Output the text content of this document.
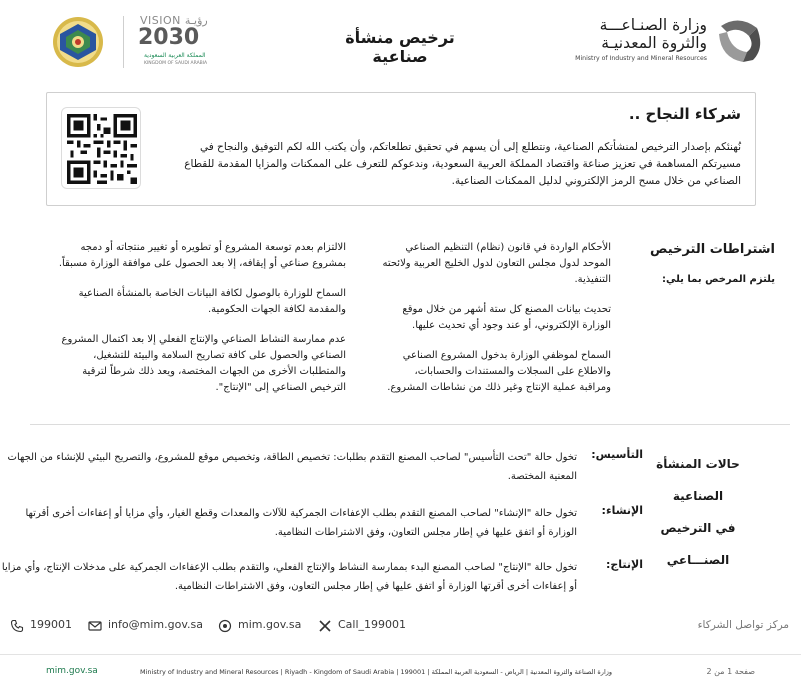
وزارة الصنـاعـــة
والثروة المعدنيـة
Ministry of Industry and Mineral Resources
ترخيص منشأة صناعية
VISION رؤيـة
2030
المملكة العربية السعودية
KINGDOM OF SAUDI ARABIA
شركاء النجاح ..
نُهنئكم بإصدار الترخيص لمنشأتكم الصناعية، ونتطلع إلى أن يسهم في تحقيق تطلعاتكم، وأن يكتب الله لكم التوفيق والنجاح في مسيرتكم المساهمة في تعزيز صناعة واقتصاد المملكة العربية السعودية، وندعوكم للتعرف على الممكنات والمزايا المقدمة للقطاع الصناعي من خلال مسح الرمز الإلكتروني لدليل الممكنات الصناعية.
اشتراطات الترخيص
يلتزم المرخص بما يلي:

الأحكام الواردة في قانون (نظام) التنظيم الصناعي الموحد لدول مجلس التعاون لدول الخليج العربية ولائحته التنفيذية.

تحديث بيانات المصنع كل ستة أشهر من خلال موقع الوزارة الإلكتروني، أو عند وجود أي تحديث عليها.

السماح لموظفي الوزارة بدخول المشروع الصناعي والاطلاع على السجلات والمستندات والحسابات، ومراقبة عملية الإنتاج وغير ذلك من نشاطات المشروع.

الالتزام بعدم توسعة المشروع أو تطويره أو تغيير منتجاته أو دمجه بمشروع صناعي أو إيقافه، إلا بعد الحصول على موافقة الوزارة مسبقاً.

السماح للوزارة بالوصول لكافة البيانات الخاصة بالمنشأة الصناعية والمقدمة لكافة الجهات الحكومية.

عدم ممارسة النشاط الصناعي والإنتاج الفعلي إلا بعد اكتمال المشروع الصناعي والحصول على كافة تصاريح السلامة والبيئة للتشغيل، والمتطلبات الأخرى من الجهات المختصة، ويعد ذلك شرطاً لترقية الترخيص الصناعي إلى "الإنتاج".

حالات المنشأة الصناعية
في الترخيص الصنـــاعي
التأسيس:
تخول حالة "تحت التأسيس" لصاحب المصنع التقدم بطلبات: تخصيص الطاقة، وتخصيص موقع للمشروع، والتصريح البيئي للإنشاء من الجهات المعنية المختصة.
الإنشاء:
تخول حالة "الإنشاء" لصاحب المصنع التقدم بطلب الإعفاءات الجمركية للآلات والمعدات وقطع الغيار، وأي مزايا أو إعفاءات أخرى أقرتها الوزارة أو اتفق عليها في إطار مجلس التعاون، وفق الاشتراطات النظامية.
الإنتاج:
تخول حالة "الإنتاج" لصاحب المصنع البدء بممارسة النشاط والإنتاج الفعلي، والتقدم بطلب الإعفاءات الجمركية على مدخلات الإنتاج، وأي مزايا أو إعفاءات أخرى أقرتها الوزارة أو اتفق عليها في إطار مجلس التعاون، وفق الاشتراطات النظامية.
مركز تواصل الشركاء
Call_199001
mim.gov.sa
info@mim.gov.sa
199001
mim.gov.sa	Ministry of Industry and Mineral Resources | Riyadh - Kingdom of Saudi Arabia | 199001 | وزارة الصناعة والثروة المعدنية | الرياض - السعودية العربية المملكة	صفحة 1 من 2
